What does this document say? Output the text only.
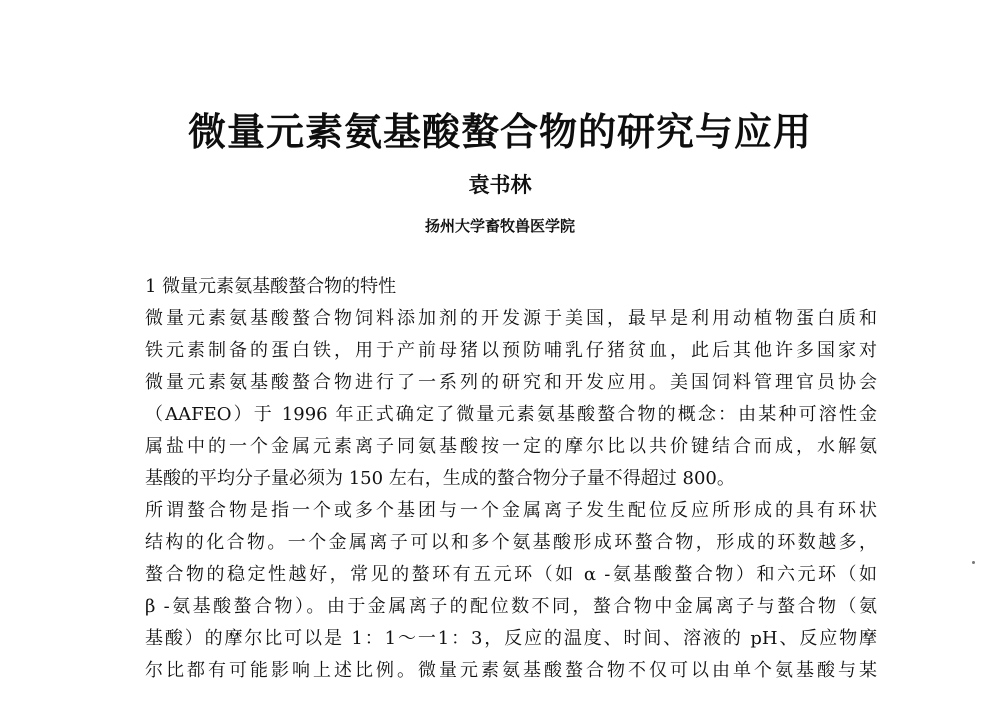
微量元素氨基酸螯合物的研究与应用
袁书林
扬州大学畜牧兽医学院
1 微量元素氨基酸螯合物的特性
微量元素氨基酸螯合物饲料添加剂的开发源于美国，最早是利用动植物蛋白质和
铁元素制备的蛋白铁，用于产前母猪以预防哺乳仔猪贫血，此后其他许多国家对
微量元素氨基酸螯合物进行了一系列的研究和开发应用。美国饲料管理官员协会
（AAFEO）于 1996 年正式确定了微量元素氨基酸螯合物的概念：由某种可溶性金
属盐中的一个金属元素离子同氨基酸按一定的摩尔比以共价键结合而成，水解氨
基酸的平均分子量必须为 150 左右，生成的螯合物分子量不得超过 800。
所谓螯合物是指一个或多个基团与一个金属离子发生配位反应所形成的具有环状
结构的化合物。一个金属离子可以和多个氨基酸形成环螯合物，形成的环数越多，
螯合物的稳定性越好，常见的螯环有五元环（如 α -氨基酸螯合物）和六元环（如
β -氨基酸螯合物）。由于金属离子的配位数不同，螯合物中金属离子与螯合物（氨
基酸）的摩尔比可以是 1：1～一1：3，反应的温度、时间、溶液的 pH、反应物摩
尔比都有可能影响上述比例。微量元素氨基酸螯合物不仅可以由单个氨基酸与某
